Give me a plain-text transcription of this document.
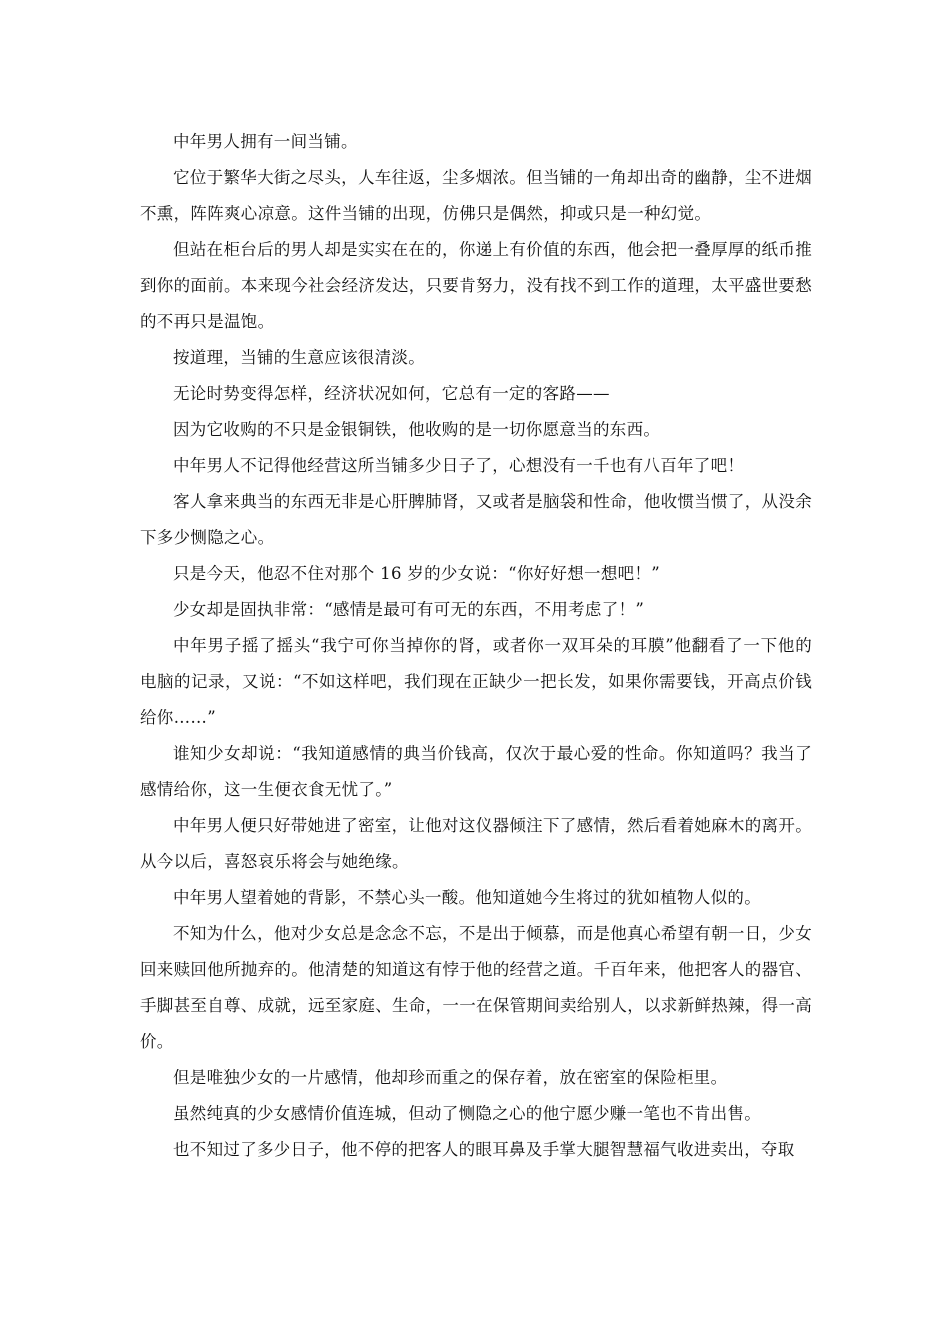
中年男人拥有一间当铺。

它位于繁华大街之尽头，人车往返，尘多烟浓。但当铺的一角却出奇的幽静，尘不进烟不熏，阵阵爽心凉意。这件当铺的出现，仿佛只是偶然，抑或只是一种幻觉。

但站在柜台后的男人却是实实在在的，你递上有价值的东西，他会把一叠厚厚的纸币推到你的面前。本来现今社会经济发达，只要肯努力，没有找不到工作的道理，太平盛世要愁的不再只是温饱。

按道理，当铺的生意应该很清淡。

无论时势变得怎样，经济状况如何，它总有一定的客路——

因为它收购的不只是金银铜铁，他收购的是一切你愿意当的东西。

中年男人不记得他经营这所当铺多少日子了，心想没有一千也有八百年了吧！

客人拿来典当的东西无非是心肝脾肺肾，又或者是脑袋和性命，他收惯当惯了，从没余下多少恻隐之心。

只是今天，他忍不住对那个 16 岁的少女说：“你好好想一想吧！”

少女却是固执非常：“感情是最可有可无的东西，不用考虑了！”

中年男子摇了摇头“我宁可你当掉你的肾，或者你一双耳朵的耳膜”他翻看了一下他的电脑的记录，又说：“不如这样吧，我们现在正缺少一把长发，如果你需要钱，开高点价钱给你……”

谁知少女却说：“我知道感情的典当价钱高，仅次于最心爱的性命。你知道吗？我当了感情给你，这一生便衣食无忧了。”

中年男人便只好带她进了密室，让他对这仪器倾注下了感情，然后看着她麻木的离开。从今以后，喜怒哀乐将会与她绝缘。

中年男人望着她的背影，不禁心头一酸。他知道她今生将过的犹如植物人似的。

不知为什么，他对少女总是念念不忘，不是出于倾慕，而是他真心希望有朝一日，少女回来赎回他所抛弃的。他清楚的知道这有悖于他的经营之道。千百年来，他把客人的器官、手脚甚至自尊、成就，远至家庭、生命，一一在保管期间卖给别人，以求新鲜热辣，得一高价。

但是唯独少女的一片感情，他却珍而重之的保存着，放在密室的保险柜里。

虽然纯真的少女感情价值连城，但动了恻隐之心的他宁愿少赚一笔也不肯出售。

也不知过了多少日子，他不停的把客人的眼耳鼻及手掌大腿智慧福气收进卖出，夺取
